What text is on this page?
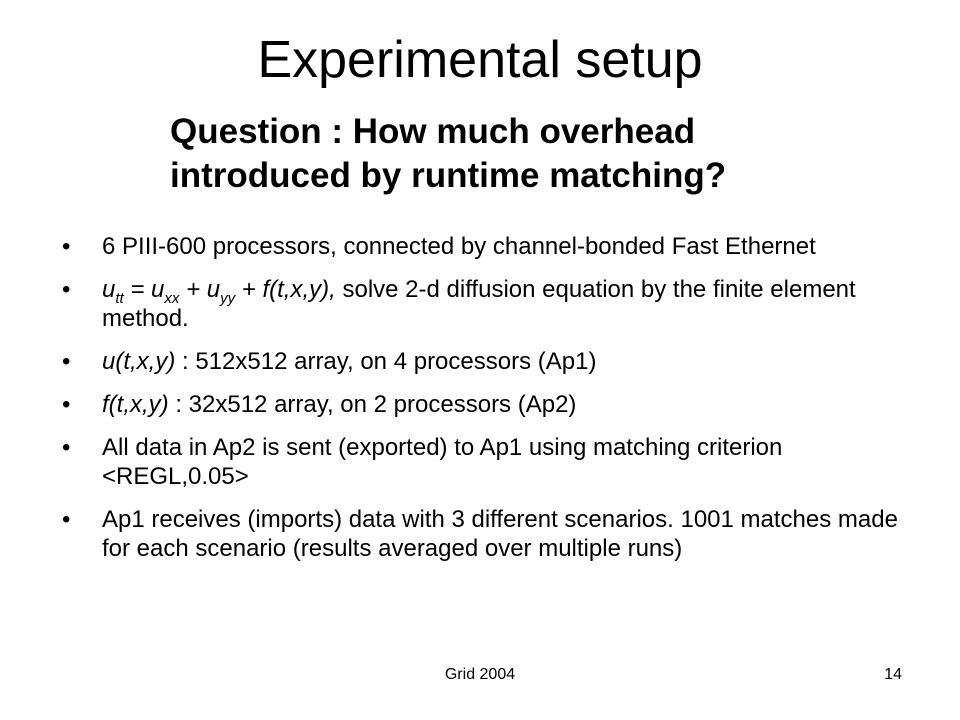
Experimental setup
Question : How much overhead
introduced by runtime matching?
• 6 PIII-600 processors, connected by channel-bonded Fast Ethernet
• $u_{tt} = u_{xx} + u_{yy} + f(t,x,y)$, solve 2-d diffusion equation by the finite element method.
• u(t,x,y) : 512x512 array, on 4 processors (Ap1)
• f(t,x,y) : 32x512 array, on 2 processors (Ap2)
• All data in Ap2 is sent (exported) to Ap1 using matching criterion <REGL,0.05>
• Ap1 receives (imports) data with 3 different scenarios. 1001 matches made for each scenario (results averaged over multiple runs)
Grid 2004	14
